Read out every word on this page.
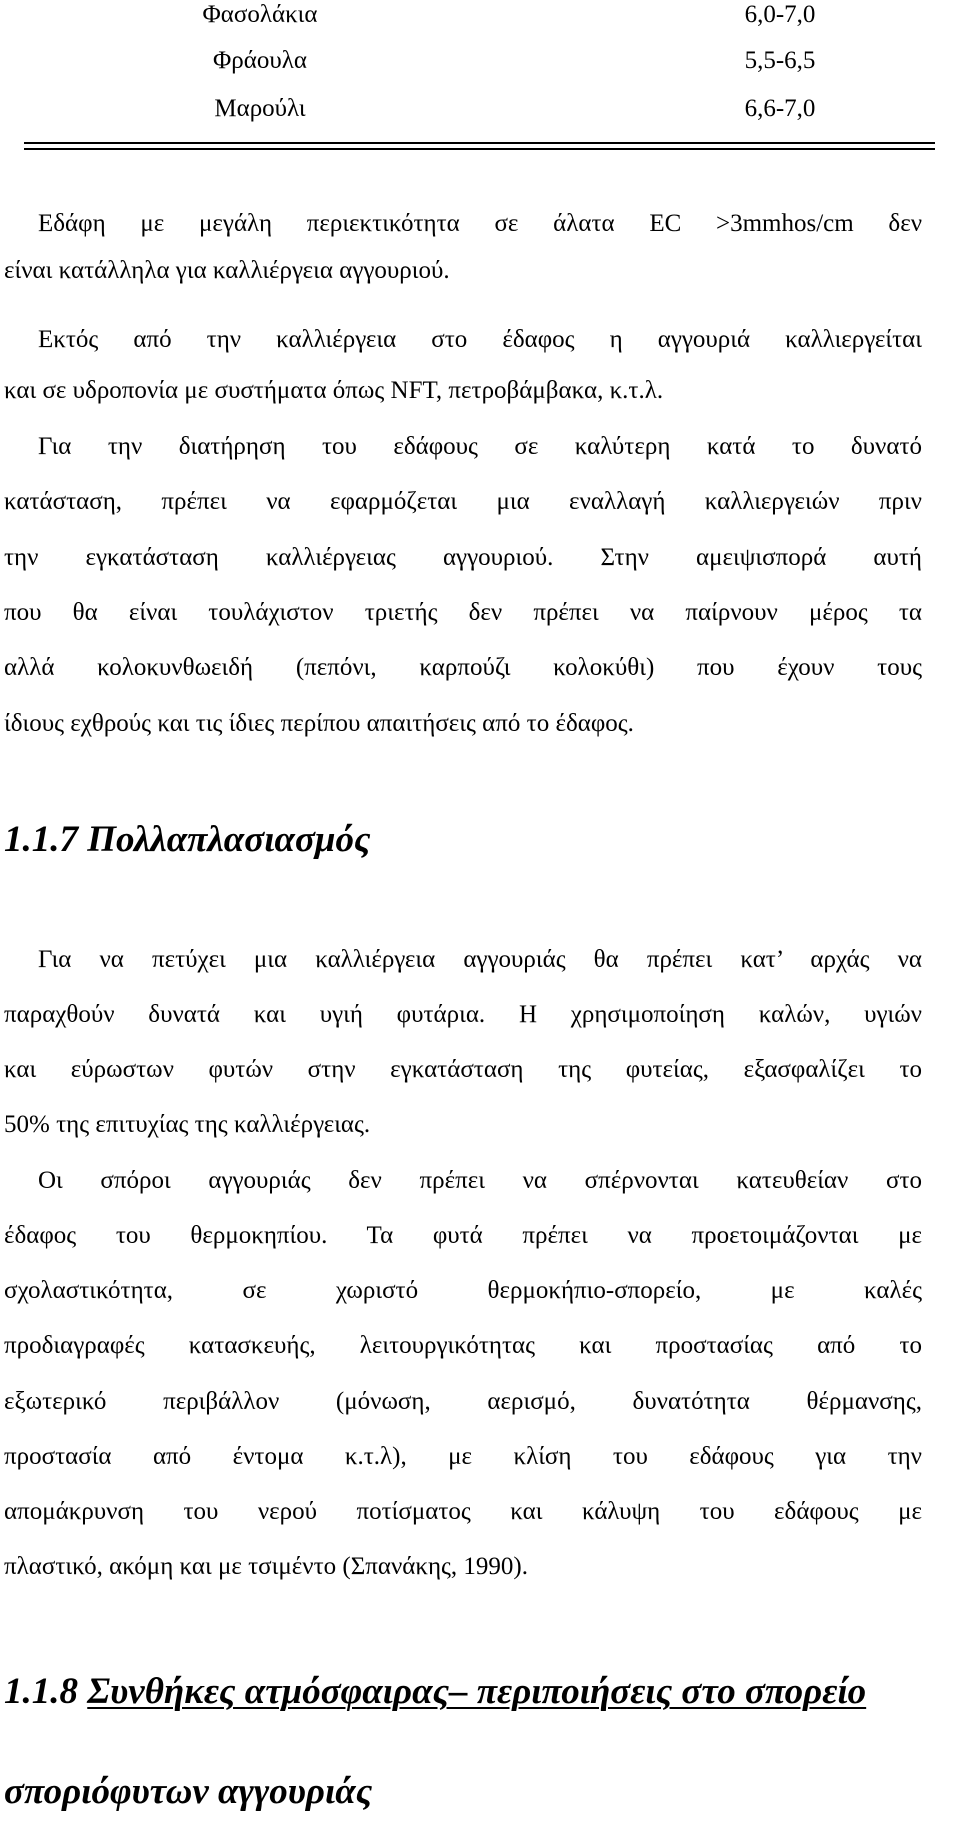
Φασολάκια	6,0-7,0
Φράουλα	5,5-6,5
Μαρούλι	6,6-7,0
Εδάφη με μεγάλη περιεκτικότητα σε άλατα EC >3mmhos/cm δεν
είναι κατάλληλα για καλλιέργεια αγγουριού.
Εκτός από την καλλιέργεια στο έδαφος η αγγουριά καλλιεργείται
και σε υδροπονία με συστήματα όπως NFT, πετροβάμβακα, κ.τ.λ.
Για την διατήρηση του εδάφους σε καλύτερη κατά το δυνατό
κατάσταση, πρέπει να εφαρμόζεται μια εναλλαγή καλλιεργειών πριν
την εγκατάσταση καλλιέργειας αγγουριού. Στην αμειψισπορά αυτή
που θα είναι τουλάχιστον τριετής δεν πρέπει να παίρνουν μέρος τα
αλλά κολοκυνθωειδή (πεπόνι, καρπούζι κολοκύθι) που έχουν τους
ίδιους εχθρούς και τις ίδιες περίπου απαιτήσεις από το έδαφος.
1.1.7 Πολλαπλασιασμός
Για να πετύχει μια καλλιέργεια αγγουριάς θα πρέπει κατ’ αρχάς να
παραχθούν δυνατά και υγιή φυτάρια. Η χρησιμοποίηση καλών, υγιών
και εύρωστων φυτών στην εγκατάσταση της φυτείας, εξασφαλίζει το
50% της επιτυχίας της καλλιέργειας.
Οι σπόροι αγγουριάς δεν πρέπει να σπέρνονται κατευθείαν στο
έδαφος του θερμοκηπίου. Τα φυτά πρέπει να προετοιμάζονται με
σχολαστικότητα, σε χωριστό θερμοκήπιο-σπορείο, με καλές
προδιαγραφές κατασκευής, λειτουργικότητας και προστασίας από το
εξωτερικό περιβάλλον (μόνωση, αερισμό, δυνατότητα θέρμανσης,
προστασία από έντομα κ.τ.λ), με κλίση του εδάφους για την
απομάκρυνση του νερού ποτίσματος και κάλυψη του εδάφους με
πλαστικό, ακόμη και με τσιμέντο (Σπανάκης, 1990).
1.1.8 Συνθήκες ατμόσφαιρας– περιποιήσεις στο σπορείο
σποριόφυτων αγγουριάς
